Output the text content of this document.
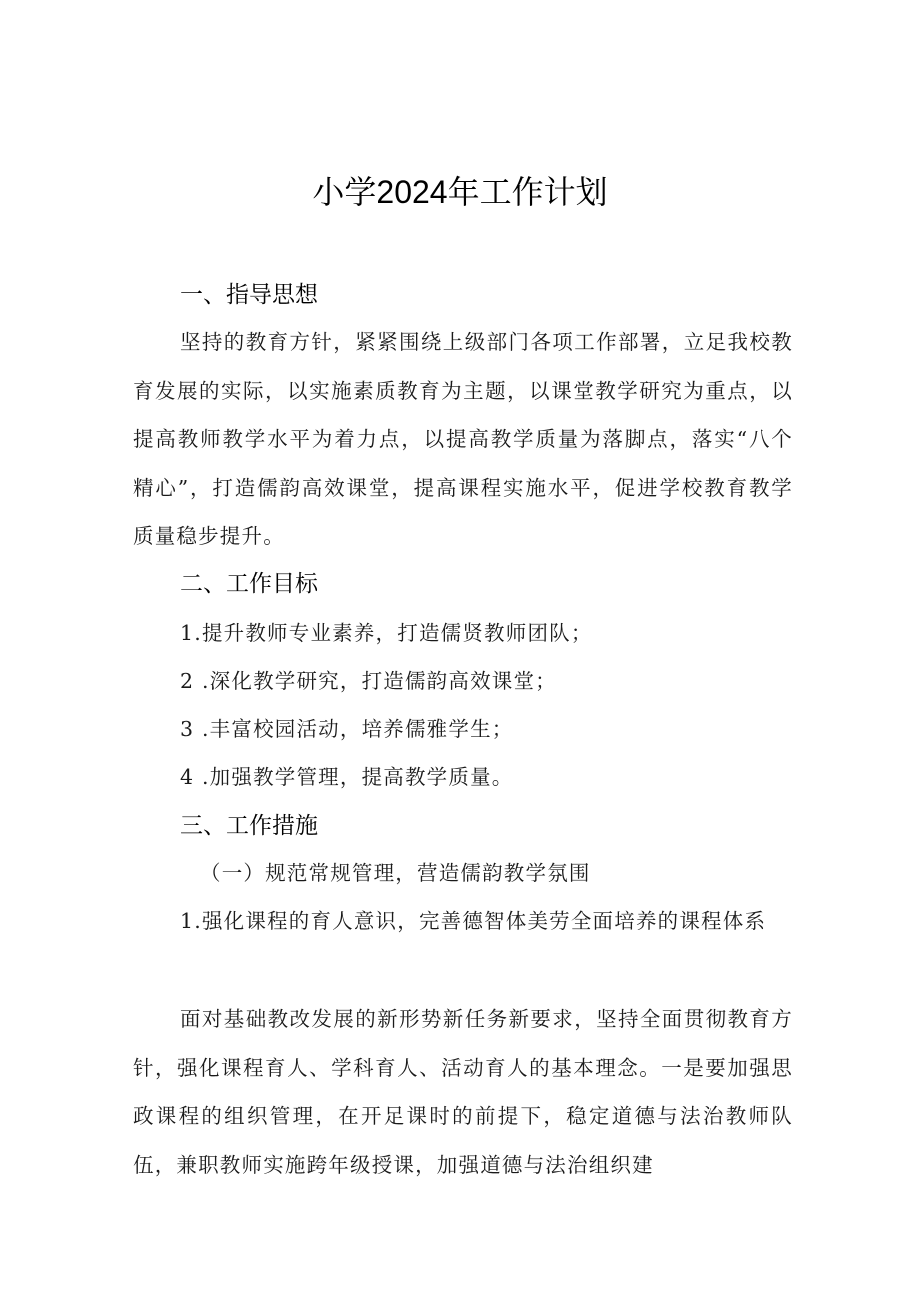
小学2024年工作计划
一、指导思想
坚持的教育方针，紧紧围绕上级部门各项工作部署，立足我校教育发展的实际，以实施素质教育为主题，以课堂教学研究为重点，以提高教师教学水平为着力点，以提高教学质量为落脚点，落实“八个精心”，打造儒韵高效课堂，提高课程实施水平，促进学校教育教学质量稳步提升。
二、工作目标
1.提升教师专业素养，打造儒贤教师团队；
2 .深化教学研究，打造儒韵高效课堂；
3 .丰富校园活动，培养儒雅学生；
4 .加强教学管理，提高教学质量。
三、工作措施
（一）规范常规管理，营造儒韵教学氛围
1.强化课程的育人意识，完善德智体美劳全面培养的课程体系
面对基础教改发展的新形势新任务新要求，坚持全面贯彻教育方针，强化课程育人、学科育人、活动育人的基本理念。一是要加强思政课程的组织管理，在开足课时的前提下，稳定道德与法治教师队伍，兼职教师实施跨年级授课，加强道德与法治组织建
